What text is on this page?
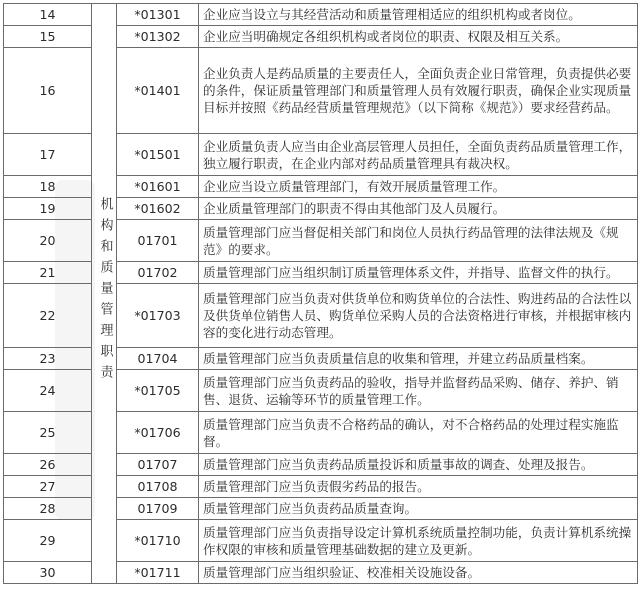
14	机构和质量管理职责	*01301	企业应当设立与其经营活动和质量管理相适应的组织机构或者岗位。
15		*01302	企业应当明确规定各组织机构或者岗位的职责、权限及相互关系。
16		*01401	企业负责人是药品质量的主要责任人，全面负责企业日常管理，负责提供必要的条件，保证质量管理部门和质量管理人员有效履行职责，确保企业实现质量目标并按照《药品经营质量管理规范》（以下简称《规范》）要求经营药品。
17		*01501	企业质量负责人应当由企业高层管理人员担任，全面负责药品质量管理工作，独立履行职责，在企业内部对药品质量管理具有裁决权。
18		*01601	企业应当设立质量管理部门，有效开展质量管理工作。
19		*01602	企业质量管理部门的职责不得由其他部门及人员履行。
20		01701	质量管理部门应当督促相关部门和岗位人员执行药品管理的法律法规及《规范》的要求。
21		01702	质量管理部门应当组织制订质量管理体系文件，并指导、监督文件的执行。
22		*01703	质量管理部门应当负责对供货单位和购货单位的合法性、购进药品的合法性以及供货单位销售人员、购货单位采购人员的合法资格进行审核，并根据审核内容的变化进行动态管理。
23		01704	质量管理部门应当负责质量信息的收集和管理，并建立药品质量档案。
24		*01705	质量管理部门应当负责药品的验收，指导并监督药品采购、储存、养护、销售、退货、运输等环节的质量管理工作。
25		*01706	质量管理部门应当负责不合格药品的确认，对不合格药品的处理过程实施监督。
26		01707	质量管理部门应当负责药品质量投诉和质量事故的调查、处理及报告。
27		01708	质量管理部门应当负责假劣药品的报告。
28		01709	质量管理部门应当负责药品质量查询。
29		*01710	质量管理部门应当负责指导设定计算机系统质量控制功能，负责计算机系统操作权限的审核和质量管理基础数据的建立及更新。
30		*01711	质量管理部门应当组织验证、校准相关设施设备。
